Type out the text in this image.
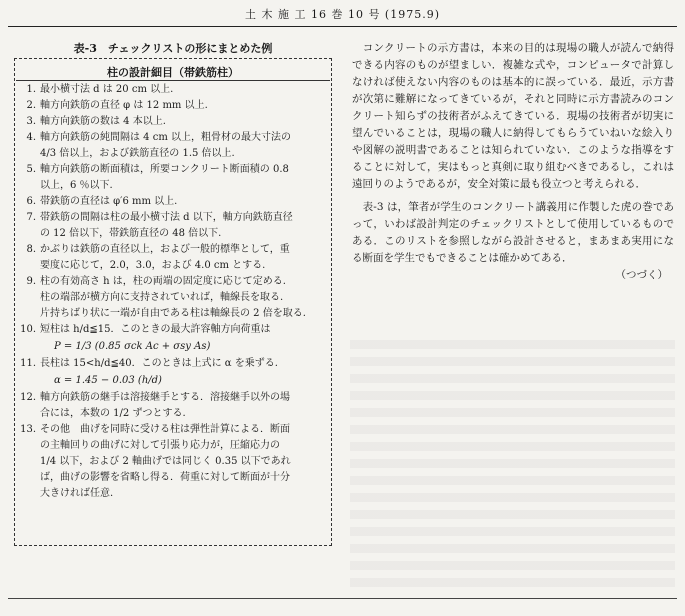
土 木 施 工 16 巻 10 号 (1975.9)
表-3　チェックリストの形にまとめた例
柱の設計細目（帯鉄筋柱）
1. 最小横寸法 d は 20 cm 以上.
2. 軸方向鉄筋の直径 φ は 12 mm 以上.
3. 軸方向鉄筋の数は 4 本以上.
4. 軸方向鉄筋の純間隔は 4 cm 以上，粗骨材の最大寸法の
4/3 倍以上，および鉄筋直径の 1.5 倍以上.
5. 軸方向鉄筋の断面積は，所要コンクリート断面積の 0.8
以上，6 ％以下.
6. 帯鉄筋の直径は φ′6 mm 以上.
7. 帯鉄筋の間隔は柱の最小横寸法 d 以下，軸方向鉄筋直径
の 12 倍以下，帯鉄筋直径の 48 倍以下.
8. かぶりは鉄筋の直径以上，および一般的標準として，重
要度に応じて，2.0，3.0，および 4.0 cm とする.
9. 柱の有効高さ h は，柱の両端の固定度に応じて定める.
柱の端部が横方向に支持されていれば，軸線長を取る.
片持ちばり状に一端が自由である柱は軸線長の 2 倍を取る.
10. 短柱は h/d≦15．このときの最大許容軸方向荷重は
P = 1/3 (0.85 σck Ac + σsy As)
11. 長柱は 15<h/d≦40．このときは上式に α を乗ずる.
α = 1.45 − 0.03 (h/d)
12. 軸方向鉄筋の継手は溶接継手とする．溶接継手以外の場
合には，本数の 1/2 ずつとする.
13. その他　曲げを同時に受ける柱は弾性計算による．断面
の主軸回りの曲げに対して引張り応力が，圧縮応力の
1/4 以下，および 2 軸曲げでは同じく 0.35 以下であれ
ば，曲げの影響を省略し得る．荷重に対して断面が十分
大きければ任意.

　コンクリートの示方書は，本来の目的は現場の職人が読んで納得できる内容のものが望ましい．複雑な式や，コンピュータで計算しなければ使えない内容のものは基本的に誤っている．最近，示方書が次第に難解になってきているが，それと同時に示方書読みのコンクリート知らずの技術者がふえてきている．現場の技術者が切実に望んでいることは，現場の職人に納得してもらうていねいな絵入りや図解の説明書であることは知られていない．このような指導をすることに対して，実はもっと真剣に取り組むべきであるし，これは遠回りのようであるが，安全対策に最も役立つと考えられる．

　表-3 は，筆者が学生のコンクリート講義用に作製した虎の巻であって，いわば設計判定のチェックリストとして使用しているものである．このリストを参照しながら設計させると，まあまあ実用になる断面を学生でもできることは確かめてある．

（つづく）
